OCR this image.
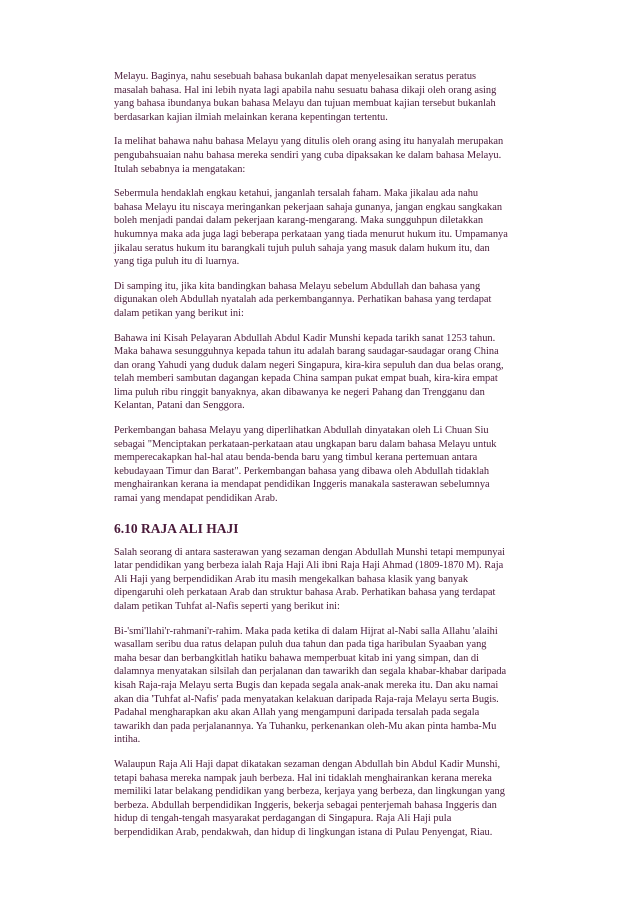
Melayu. Baginya, nahu sesebuah bahasa bukanlah dapat menyelesaikan seratus peratus
masalah bahasa. Hal ini lebih nyata lagi apabila nahu sesuatu bahasa dikaji oleh orang asing
yang bahasa ibundanya bukan bahasa Melayu dan tujuan membuat kajian tersebut bukanlah
berdasarkan kajian ilmiah melainkan kerana kepentingan tertentu.

Ia melihat bahawa nahu bahasa Melayu yang ditulis oleh orang asing itu hanyalah merupakan
pengubahsuaian nahu bahasa mereka sendiri yang cuba dipaksakan ke dalam bahasa Melayu.
Itulah sebabnya ia mengatakan:

Sebermula hendaklah engkau ketahui, janganlah tersalah faham. Maka jikalau ada nahu
bahasa Melayu itu niscaya meringankan pekerjaan sahaja gunanya, jangan engkau sangkakan
boleh menjadi pandai dalam pekerjaan karang-mengarang. Maka sungguhpun diletakkan
hukumnya maka ada juga lagi beberapa perkataan yang tiada menurut hukum itu. Umpamanya
jikalau seratus hukum itu barangkali tujuh puluh sahaja yang masuk dalam hukum itu, dan
yang tiga puluh itu di luarnya.

Di samping itu, jika kita bandingkan bahasa Melayu sebelum Abdullah dan bahasa yang
digunakan oleh Abdullah nyatalah ada perkembangannya. Perhatikan bahasa yang terdapat
dalam petikan yang berikut ini:

Bahawa ini Kisah Pelayaran Abdullah Abdul Kadir Munshi kepada tarikh sanat 1253 tahun.
Maka bahawa sesungguhnya kepada tahun itu adalah barang saudagar-saudagar orang China
dan orang Yahudi yang duduk dalam negeri Singapura, kira-kira sepuluh dan dua belas orang,
telah memberi sambutan dagangan kepada China sampan pukat empat buah, kira-kira empat
lima puluh ribu ringgit banyaknya, akan dibawanya ke negeri Pahang dan Trengganu dan
Kelantan, Patani dan Senggora.

Perkembangan bahasa Melayu yang diperlihatkan Abdullah dinyatakan oleh Li Chuan Siu
sebagai "Menciptakan perkataan-perkataan atau ungkapan baru dalam bahasa Melayu untuk
memperecakapkan hal-hal atau benda-benda baru yang timbul kerana pertemuan antara
kebudayaan Timur dan Barat". Perkembangan bahasa yang dibawa oleh Abdullah tidaklah
menghairankan kerana ia mendapat pendidikan Inggeris manakala sasterawan sebelumnya
ramai yang mendapat pendidikan Arab.

6.10 RAJA ALI HAJI

Salah seorang di antara sasterawan yang sezaman dengan Abdullah Munshi tetapi mempunyai
latar pendidikan yang berbeza ialah Raja Haji Ali ibni Raja Haji Ahmad (1809-1870 M). Raja
Ali Haji yang berpendidikan Arab itu masih mengekalkan bahasa klasik yang banyak
dipengaruhi oleh perkataan Arab dan struktur bahasa Arab. Perhatikan bahasa yang terdapat
dalam petikan Tuhfat al-Nafis seperti yang berikut ini:

Bi-'smi'llahi'r-rahmani'r-rahim. Maka pada ketika di dalam Hijrat al-Nabi salla Allahu 'alaihi
wasallam seribu dua ratus delapan puluh dua tahun dan pada tiga haribulan Syaaban yang
maha besar dan berbangkitlah hatiku bahawa memperbuat kitab ini yang simpan, dan di
dalamnya menyatakan silsilah dan perjalanan dan tawarikh dan segala khabar-khabar daripada
kisah Raja-raja Melayu serta Bugis dan kepada segala anak-anak mereka itu. Dan aku namai
akan dia 'Tuhfat al-Nafis' pada menyatakan kelakuan daripada Raja-raja Melayu serta Bugis.
Padahal mengharapkan aku akan Allah yang mengampuni daripada tersalah pada segala
tawarikh dan pada perjalanannya. Ya Tuhanku, perkenankan oleh-Mu akan pinta hamba-Mu
intiha.

Walaupun Raja Ali Haji dapat dikatakan sezaman dengan Abdullah bin Abdul Kadir Munshi,
tetapi bahasa mereka nampak jauh berbeza. Hal ini tidaklah menghairankan kerana mereka
memiliki latar belakang pendidikan yang berbeza, kerjaya yang berbeza, dan lingkungan yang
berbeza. Abdullah berpendidikan Inggeris, bekerja sebagai penterjemah bahasa Inggeris dan
hidup di tengah-tengah masyarakat perdagangan di Singapura. Raja Ali Haji pula
berpendidikan Arab, pendakwah, dan hidup di lingkungan istana di Pulau Penyengat, Riau.
